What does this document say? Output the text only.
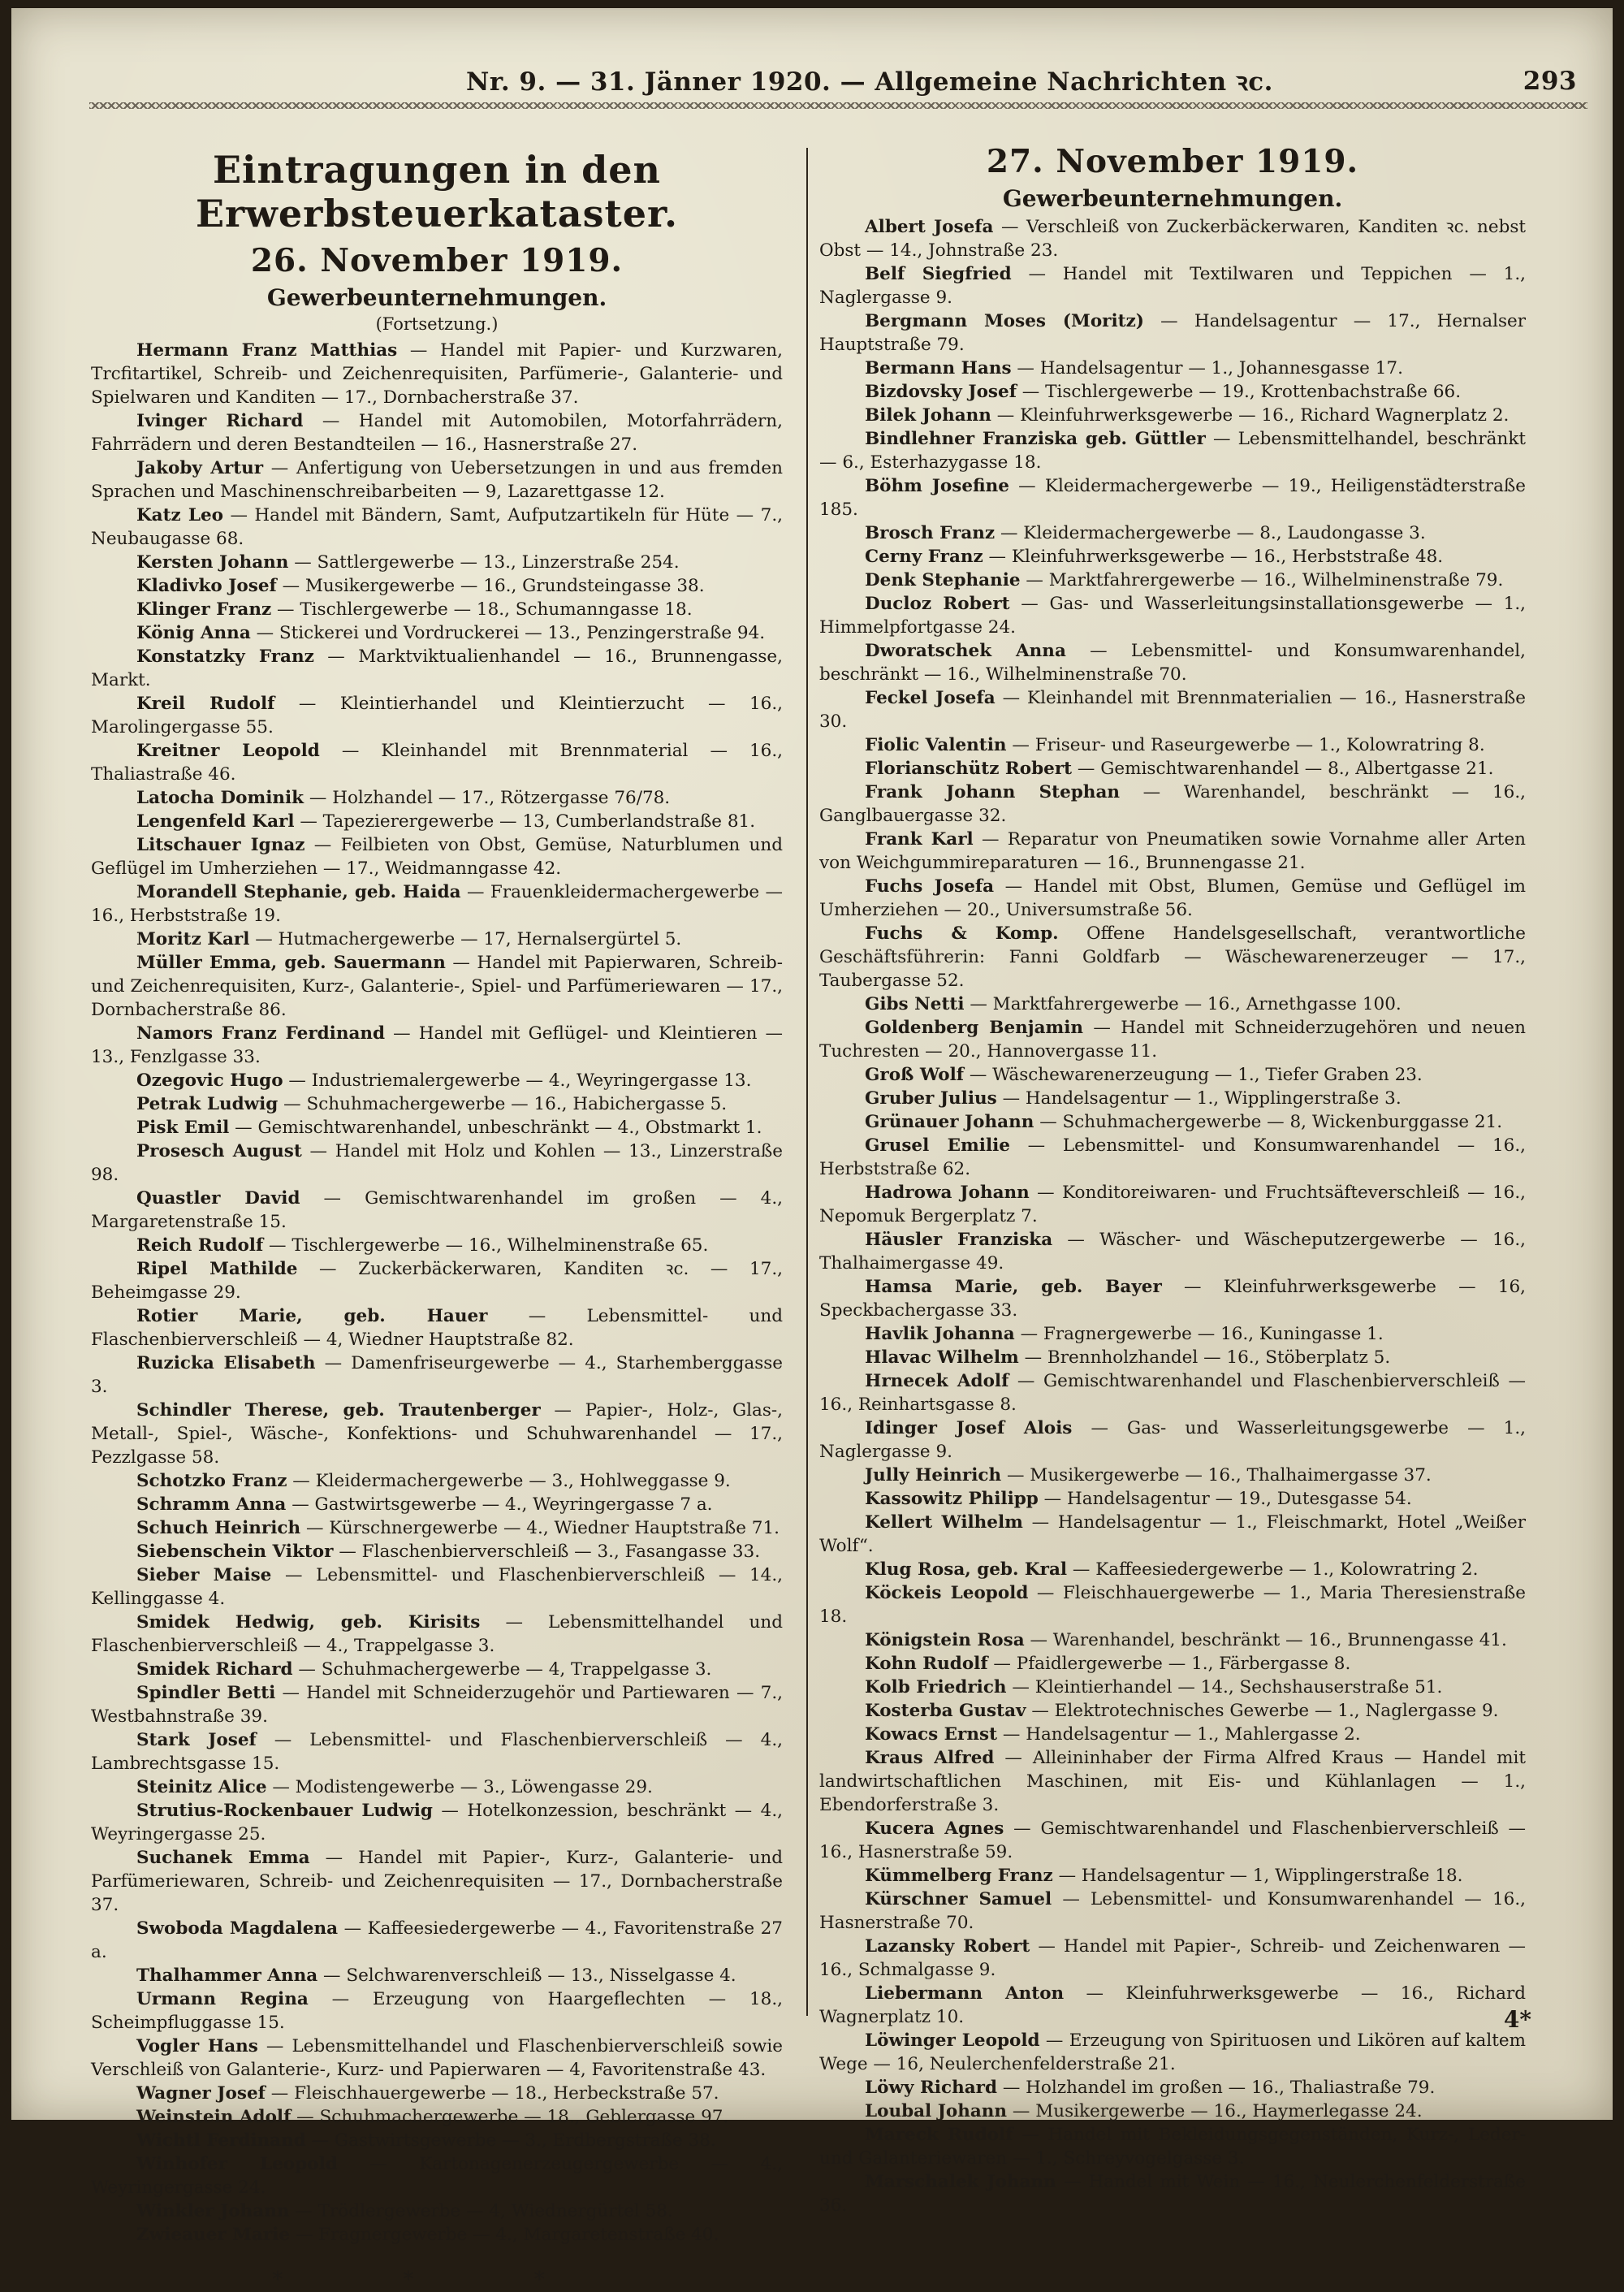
Nr. 9. — 31. Jänner 1920. — Allgemeine Nachrichten ꝛc.	293
Eintragungen in den Erwerbsteuerkataster.
26. November 1919.
Gewerbeunternehmungen.
(Fortsetzung.)

Hermann Franz Matthias — Handel mit Papier- und Kurzwaren, Trcfitartikel, Schreib- und Zeichenrequisiten, Parfümerie-, Galanterie- und Spielwaren und Kanditen — 17., Dornbacherstraße 37.

Ivinger Richard — Handel mit Automobilen, Motorfahrrädern, Fahrrädern und deren Bestandteilen — 16., Hasnerstraße 27.

Jakoby Artur — Anfertigung von Uebersetzungen in und aus fremden Sprachen und Maschinenschreibarbeiten — 9, Lazarettgasse 12.

Katz Leo — Handel mit Bändern, Samt, Aufputzartikeln für Hüte — 7., Neubaugasse 68.

Kersten Johann — Sattlergewerbe — 13., Linzerstraße 254.

Kladivko Josef — Musikergewerbe — 16., Grundsteingasse 38.

Klinger Franz — Tischlergewerbe — 18., Schumanngasse 18.

König Anna — Stickerei und Vordruckerei — 13., Penzingerstraße 94.

Konstatzky Franz — Marktviktualienhandel — 16., Brunnengasse, Markt.

Kreil Rudolf — Kleintierhandel und Kleintierzucht — 16., Marolingergasse 55.

Kreitner Leopold — Kleinhandel mit Brennmaterial — 16., Thaliastraße 46.

Latocha Dominik — Holzhandel — 17., Rötzergasse 76/78.

Lengenfeld Karl — Tapezierergewerbe — 13, Cumberlandstraße 81.

Litschauer Ignaz — Feilbieten von Obst, Gemüse, Naturblumen und Geflügel im Umherziehen — 17., Weidmanngasse 42.

Morandell Stephanie, geb. Haida — Frauenkleidermachergewerbe — 16., Herbststraße 19.

Moritz Karl — Hutmachergewerbe — 17, Hernalsergürtel 5.

Müller Emma, geb. Sauermann — Handel mit Papierwaren, Schreib- und Zeichenrequisiten, Kurz-, Galanterie-, Spiel- und Parfümeriewaren — 17., Dornbacherstraße 86.

Namors Franz Ferdinand — Handel mit Geflügel- und Kleintieren — 13., Fenzlgasse 33.

Ozegovic Hugo — Industriemalergewerbe — 4., Weyringergasse 13.

Petrak Ludwig — Schuhmachergewerbe — 16., Habichergasse 5.

Pisk Emil — Gemischtwarenhandel, unbeschränkt — 4., Obstmarkt 1.

Prosesch August — Handel mit Holz und Kohlen — 13., Linzerstraße 98.

Quastler David — Gemischtwarenhandel im großen — 4., Margaretenstraße 15.

Reich Rudolf — Tischlergewerbe — 16., Wilhelminenstraße 65.

Ripel Mathilde — Zuckerbäckerwaren, Kanditen ꝛc. — 17., Beheimgasse 29.

Rotier Marie, geb. Hauer — Lebensmittel- und Flaschenbierverschleiß — 4, Wiedner Hauptstraße 82.

Ruzicka Elisabeth — Damenfriseurgewerbe — 4., Starhemberggasse 3.

Schindler Therese, geb. Trautenberger — Papier-, Holz-, Glas-, Metall-, Spiel-, Wäsche-, Konfektions- und Schuhwarenhandel — 17., Pezzlgasse 58.

Schotzko Franz — Kleidermachergewerbe — 3., Hohlweggasse 9.

Schramm Anna — Gastwirtsgewerbe — 4., Weyringergasse 7 a.

Schuch Heinrich — Kürschnergewerbe — 4., Wiedner Hauptstraße 71.

Siebenschein Viktor — Flaschenbierverschleiß — 3., Fasangasse 33.

Sieber Maise — Lebensmittel- und Flaschenbierverschleiß — 14., Kellinggasse 4.

Smidek Hedwig, geb. Kirisits — Lebensmittelhandel und Flaschenbierverschleiß — 4., Trappelgasse 3.

Smidek Richard — Schuhmachergewerbe — 4, Trappelgasse 3.

Spindler Betti — Handel mit Schneiderzugehör und Partiewaren — 7., Westbahnstraße 39.

Stark Josef — Lebensmittel- und Flaschenbierverschleiß — 4., Lambrechtsgasse 15.

Steinitz Alice — Modistengewerbe — 3., Löwengasse 29.

Strutius-Rockenbauer Ludwig — Hotelkonzession, beschränkt — 4., Weyringergasse 25.

Suchanek Emma — Handel mit Papier-, Kurz-, Galanterie- und Parfümeriewaren, Schreib- und Zeichenrequisiten — 17., Dornbacherstraße 37.

Swoboda Magdalena — Kaffeesiedergewerbe — 4., Favoritenstraße 27 a.

Thalhammer Anna — Selchwarenverschleiß — 13., Nisselgasse 4.

Urmann Regina — Erzeugung von Haargeflechten — 18., Scheimpfluggasse 15.

Vogler Hans — Lebensmittelhandel und Flaschenbierverschleiß sowie Verschleiß von Galanterie-, Kurz- und Papierwaren — 4, Favoritenstraße 43.

Wagner Josef — Fleischhauergewerbe — 18., Herbeckstraße 57.

Weinstein Adolf — Schuhmachergewerbe — 18., Geblergasse 97.

Wichtl Ferdinand — Gastwirtsgewerbe — 3., Erdbergstraße 38.

Winhofer Leopold — Kartonagenerzeugergewerbe — 4., Weyringergasse 24.

Winkler Johann — Trödlergewerbe — 4, Wiednergürtel 58.

Zwieauer Marie — Fragnergewerbe — 4., Margaretenstraße 40.

* * *
27. November 1919.
Gewerbeunternehmungen.

Albert Josefa — Verschleiß von Zuckerbäckerwaren, Kanditen ꝛc. nebst Obst — 14., Johnstraße 23.

Belf Siegfried — Handel mit Textilwaren und Teppichen — 1., Naglergasse 9.

Bergmann Moses (Moritz) — Handelsagentur — 17., Hernalser Hauptstraße 79.

Bermann Hans — Handelsagentur — 1., Johannesgasse 17.

Bizdovsky Josef — Tischlergewerbe — 19., Krottenbachstraße 66.

Bilek Johann — Kleinfuhrwerksgewerbe — 16., Richard Wagnerplatz 2.

Bindlehner Franziska geb. Güttler — Lebensmittelhandel, beschränkt — 6., Esterhazygasse 18.

Böhm Josefine — Kleidermachergewerbe — 19., Heiligenstädterstraße 185.

Brosch Franz — Kleidermachergewerbe — 8., Laudongasse 3.

Cerny Franz — Kleinfuhrwerksgewerbe — 16., Herbststraße 48.

Denk Stephanie — Marktfahrergewerbe — 16., Wilhelminenstraße 79.

Ducloz Robert — Gas- und Wasserleitungsinstallationsgewerbe — 1., Himmelpfortgasse 24.

Dworatschek Anna — Lebensmittel- und Konsumwarenhandel, beschränkt — 16., Wilhelminenstraße 70.

Feckel Josefa — Kleinhandel mit Brennmaterialien — 16., Hasnerstraße 30.

Fiolic Valentin — Friseur- und Raseurgewerbe — 1., Kolowratring 8.

Florianschütz Robert — Gemischtwarenhandel — 8., Albertgasse 21.

Frank Johann Stephan — Warenhandel, beschränkt — 16., Ganglbauergasse 32.

Frank Karl — Reparatur von Pneumatiken sowie Vornahme aller Arten von Weichgummireparaturen — 16., Brunnengasse 21.

Fuchs Josefa — Handel mit Obst, Blumen, Gemüse und Geflügel im Umherziehen — 20., Universumstraße 56.

Fuchs & Komp. Offene Handelsgesellschaft, verantwortliche Geschäftsführerin: Fanni Goldfarb — Wäschewarenerzeuger — 17., Taubergasse 52.

Gibs Netti — Marktfahrergewerbe — 16., Arnethgasse 100.

Goldenberg Benjamin — Handel mit Schneiderzugehören und neuen Tuchresten — 20., Hannovergasse 11.

Groß Wolf — Wäschewarenerzeugung — 1., Tiefer Graben 23.

Gruber Julius — Handelsagentur — 1., Wipplingerstraße 3.

Grünauer Johann — Schuhmachergewerbe — 8, Wickenburggasse 21.

Grusel Emilie — Lebensmittel- und Konsumwarenhandel — 16., Herbststraße 62.

Hadrowa Johann — Konditoreiwaren- und Fruchtsäfteverschleiß — 16., Nepomuk Bergerplatz 7.

Häusler Franziska — Wäscher- und Wäscheputzergewerbe — 16., Thalhaimergasse 49.

Hamsa Marie, geb. Bayer — Kleinfuhrwerksgewerbe — 16, Speckbachergasse 33.

Havlik Johanna — Fragnergewerbe — 16., Kuningasse 1.

Hlavac Wilhelm — Brennholzhandel — 16., Stöberplatz 5.

Hrnecek Adolf — Gemischtwarenhandel und Flaschenbierverschleiß — 16., Reinhartsgasse 8.

Idinger Josef Alois — Gas- und Wasserleitungsgewerbe — 1., Naglergasse 9.

Jully Heinrich — Musikergewerbe — 16., Thalhaimergasse 37.

Kassowitz Philipp — Handelsagentur — 19., Dutesgasse 54.

Kellert Wilhelm — Handelsagentur — 1., Fleischmarkt, Hotel „Weißer Wolf“.

Klug Rosa, geb. Kral — Kaffeesiedergewerbe — 1., Kolowratring 2.

Köckeis Leopold — Fleischhauergewerbe — 1., Maria Theresienstraße 18.

Königstein Rosa — Warenhandel, beschränkt — 16., Brunnengasse 41.

Kohn Rudolf — Pfaidlergewerbe — 1., Färbergasse 8.

Kolb Friedrich — Kleintierhandel — 14., Sechshauserstraße 51.

Kosterba Gustav — Elektrotechnisches Gewerbe — 1., Naglergasse 9.

Kowacs Ernst — Handelsagentur — 1., Mahlergasse 2.

Kraus Alfred — Alleininhaber der Firma Alfred Kraus — Handel mit landwirtschaftlichen Maschinen, mit Eis- und Kühlanlagen — 1., Ebendorferstraße 3.

Kucera Agnes — Gemischtwarenhandel und Flaschenbierverschleiß — 16., Hasnerstraße 59.

Kümmelberg Franz — Handelsagentur — 1, Wipplingerstraße 18.

Kürschner Samuel — Lebensmittel- und Konsumwarenhandel — 16., Hasnerstraße 70.

Lazansky Robert — Handel mit Papier-, Schreib- und Zeichenwaren — 16., Schmalgasse 9.

Liebermann Anton — Kleinfuhrwerksgewerbe — 16., Richard Wagnerplatz 10.

Löwinger Leopold — Erzeugung von Spirituosen und Likören auf kaltem Wege — 16, Neulerchenfelderstraße 21.

Löwy Richard — Holzhandel im großen — 16., Thaliastraße 79.

Loubal Johann — Musikergewerbe — 16., Haymerlegasse 24.

Mareck Rudolf — Handel mit Bekleidungsgegenständen, Kurz-, Leder- und Galanteriewaren — 1., Schreyvogelgasse 3.

Marschalek Johann — Handel mit Wein — 16., Neulerchenfelderstraße 36.

4*
